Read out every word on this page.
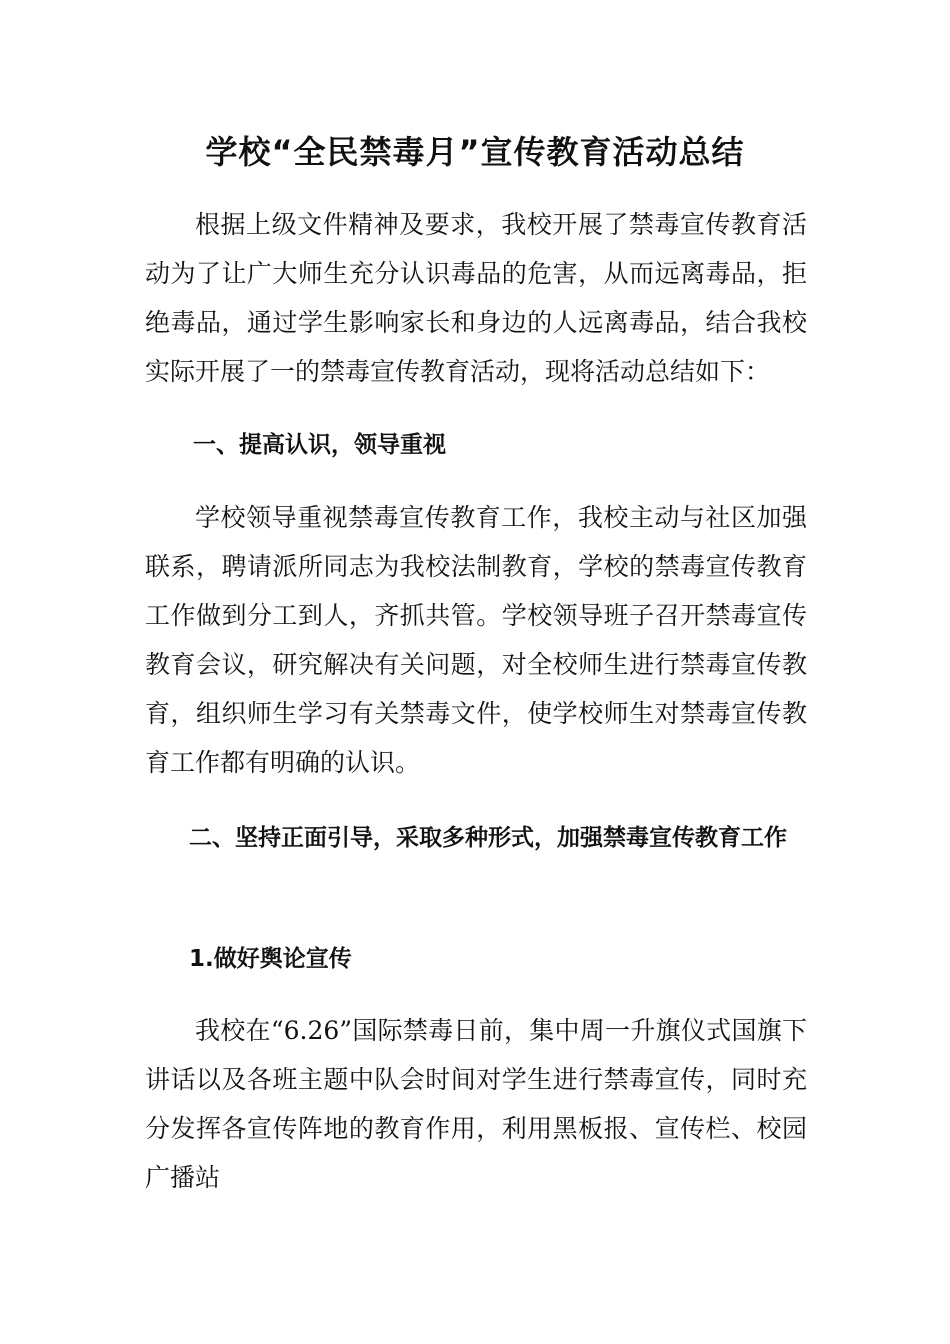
学校“全民禁毒月”宣传教育活动总结

根据上级文件精神及要求，我校开展了禁毒宣传教育活动为了让广大师生充分认识毒品的危害，从而远离毒品，拒绝毒品，通过学生影响家长和身边的人远离毒品，结合我校实际开展了一的禁毒宣传教育活动，现将活动总结如下：

一、提高认识，领导重视

学校领导重视禁毒宣传教育工作，我校主动与社区加强联系，聘请派所同志为我校法制教育，学校的禁毒宣传教育工作做到分工到人，齐抓共管。学校领导班子召开禁毒宣传教育会议，研究解决有关问题，对全校师生进行禁毒宣传教育，组织师生学习有关禁毒文件，使学校师生对禁毒宣传教育工作都有明确的认识。

二、坚持正面引导，采取多种形式，加强禁毒宣传教育工作
1.做好舆论宣传

我校在“6.26”国际禁毒日前，集中周一升旗仪式国旗下讲话以及各班主题中队会时间对学生进行禁毒宣传，同时充分发挥各宣传阵地的教育作用，利用黑板报、宣传栏、校园广播站
